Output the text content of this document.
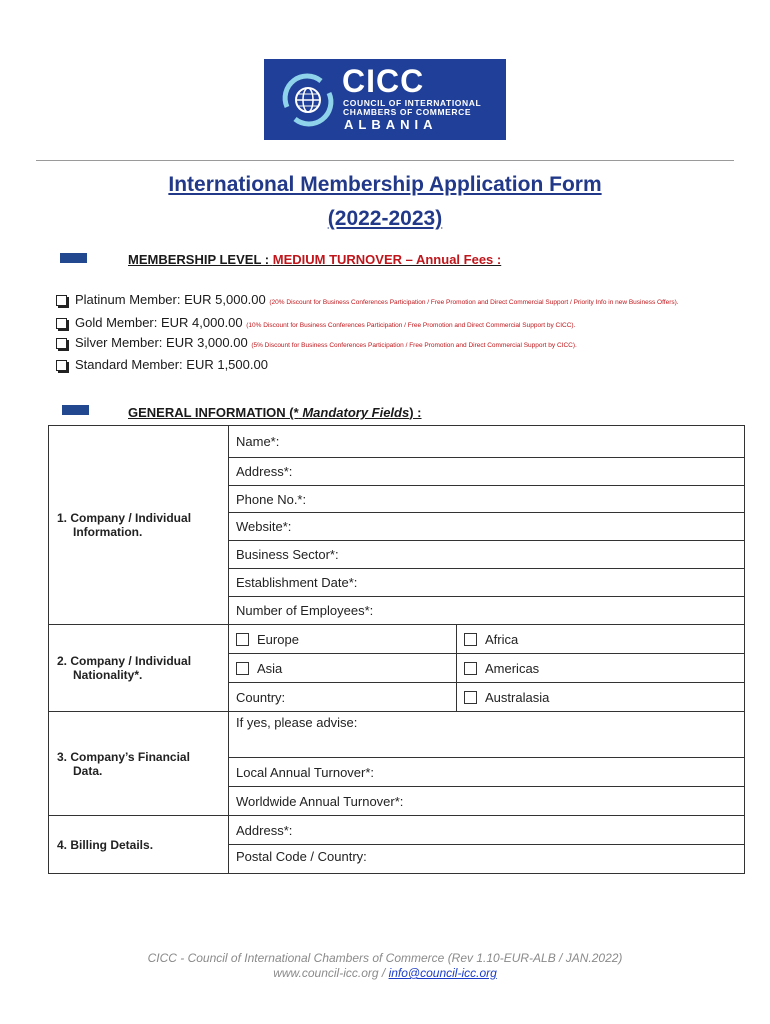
CICC
COUNCIL OF INTERNATIONAL
CHAMBERS OF COMMERCE
ALBANIA
International Membership Application Form
(2022-2023)
MEMBERSHIP LEVEL : MEDIUM TURNOVER – Annual Fees :
Platinum Member: EUR 5,000.00 (20% Discount for Business Conferences Participation / Free Promotion and Direct Commercial Support / Priority Info in new Business Offers).
Gold Member: EUR 4,000.00 (10% Discount for Business Conferences Participation / Free Promotion and Direct Commercial Support by CICC).
Silver Member: EUR 3,000.00 (5% Discount for Business Conferences Participation / Free Promotion and Direct Commercial Support by CICC).
Standard Member: EUR 1,500.00
GENERAL INFORMATION (* Mandatory Fields) :
1. Company / Individual
Information.	Name*:	
	Address*:	
	Phone No.*:	
	Website*:	
	Business Sector*:	
	Establishment Date*:	
	Number of Employees*:	
2. Company / Individual
Nationality*.	Europe	Africa
	Asia	Americas
	Country:	Australasia
3. Company’s Financial
Data.	If yes, please advise:	
	Local Annual Turnover*:	
	Worldwide Annual Turnover*:	
4. Billing Details.	Address*:	
	Postal Code / Country:	
CICC - Council of International Chambers of Commerce (Rev 1.10-EUR-ALB / JAN.2022)
www.council-icc.org / info@council-icc.org
